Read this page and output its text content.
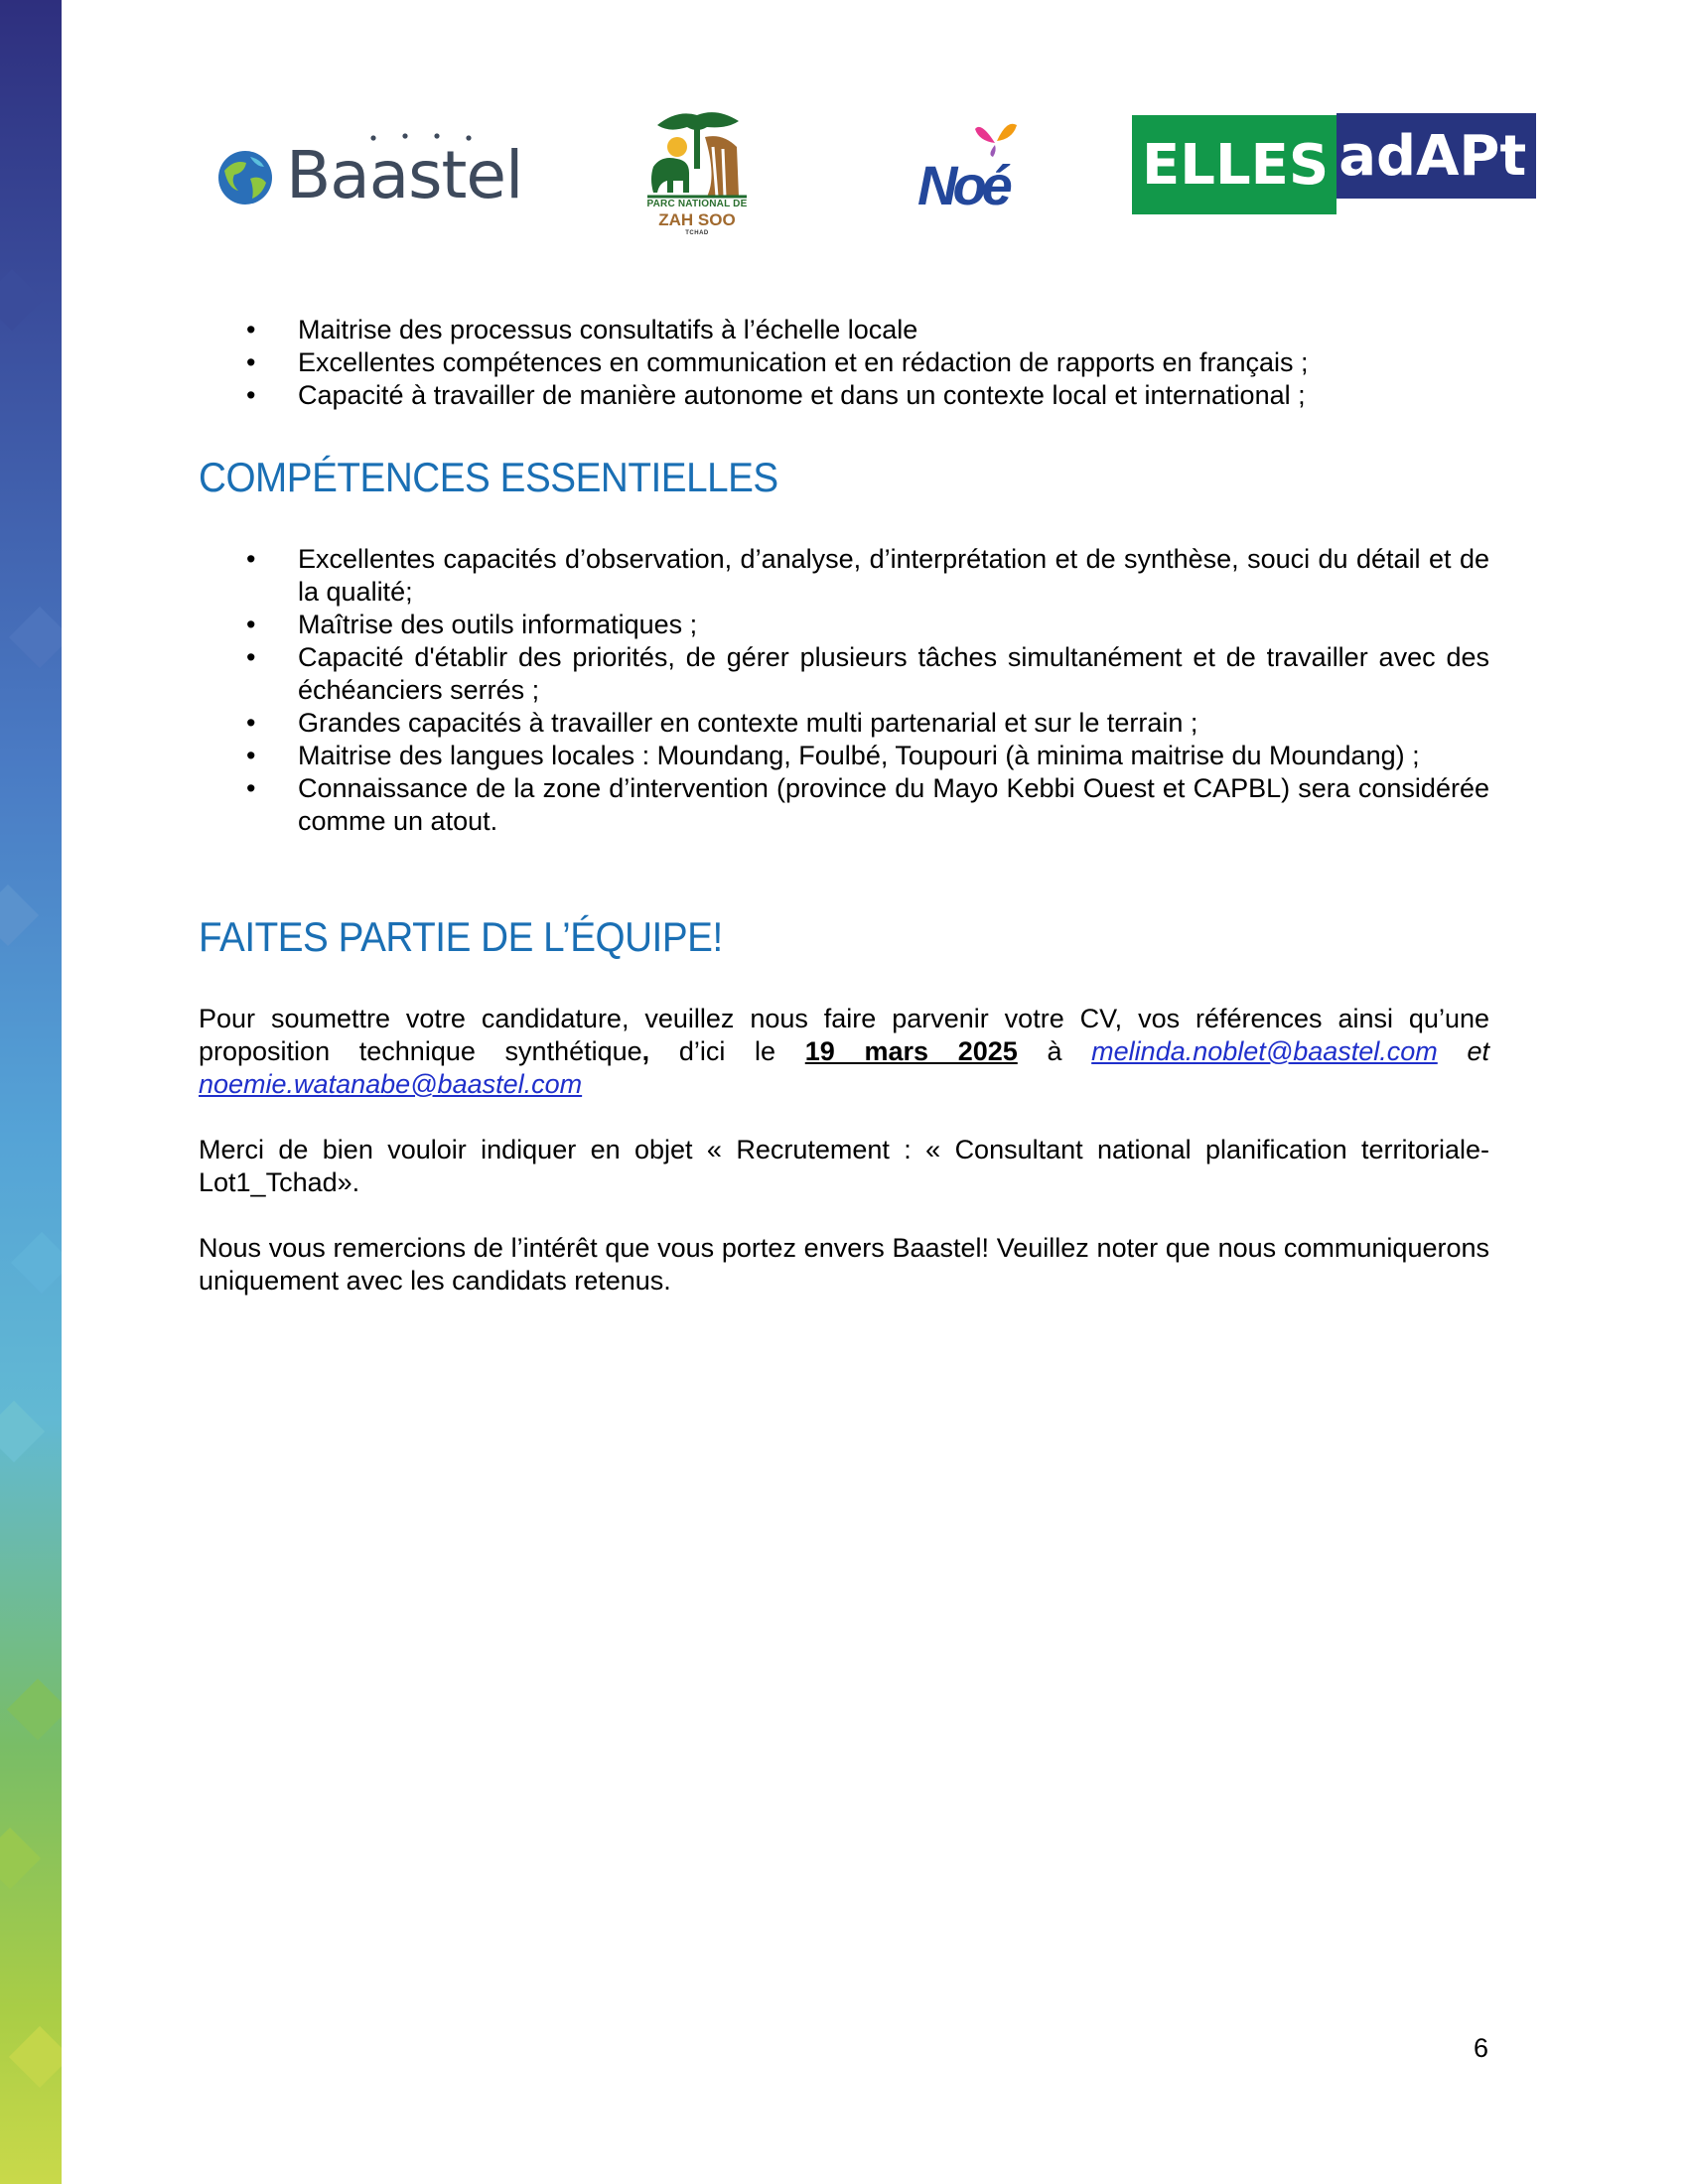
Baastel	PARC NATIONAL DE
ZAH SOO
TCHAD
Noé ELLES adAPt
• Maitrise des processus consultatifs à l’échelle locale
• Excellentes compétences en communication et en rédaction de rapports en français ;
• Capacité à travailler de manière autonome et dans un contexte local et international ;
COMPÉTENCES ESSENTIELLES
• Excellentes capacités d’observation, d’analyse, d’interprétation et de synthèse, souci du détail et de la qualité;
• Maîtrise des outils informatiques ;
• Capacité d'établir des priorités, de gérer plusieurs tâches simultanément et de travailler avec des échéanciers serrés ;
• Grandes capacités à travailler en contexte multi partenarial et sur le terrain ;
• Maitrise des langues locales : Moundang, Foulbé, Toupouri (à minima maitrise du Moundang) ;
• Connaissance de la zone d’intervention (province du Mayo Kebbi Ouest et CAPBL) sera considérée comme un atout.
FAITES PARTIE DE L’ÉQUIPE!

Pour soumettre votre candidature, veuillez nous faire parvenir votre CV, vos références ainsi qu’une proposition technique synthétique, d’ici le 19 mars 2025 à melinda.noblet@baastel.com et noemie.watanabe@baastel.com

Merci de bien vouloir indiquer en objet « Recrutement : « Consultant national planification territoriale-Lot1_Tchad».

Nous vous remercions de l’intérêt que vous portez envers Baastel! Veuillez noter que nous communiquerons uniquement avec les candidats retenus.

6
